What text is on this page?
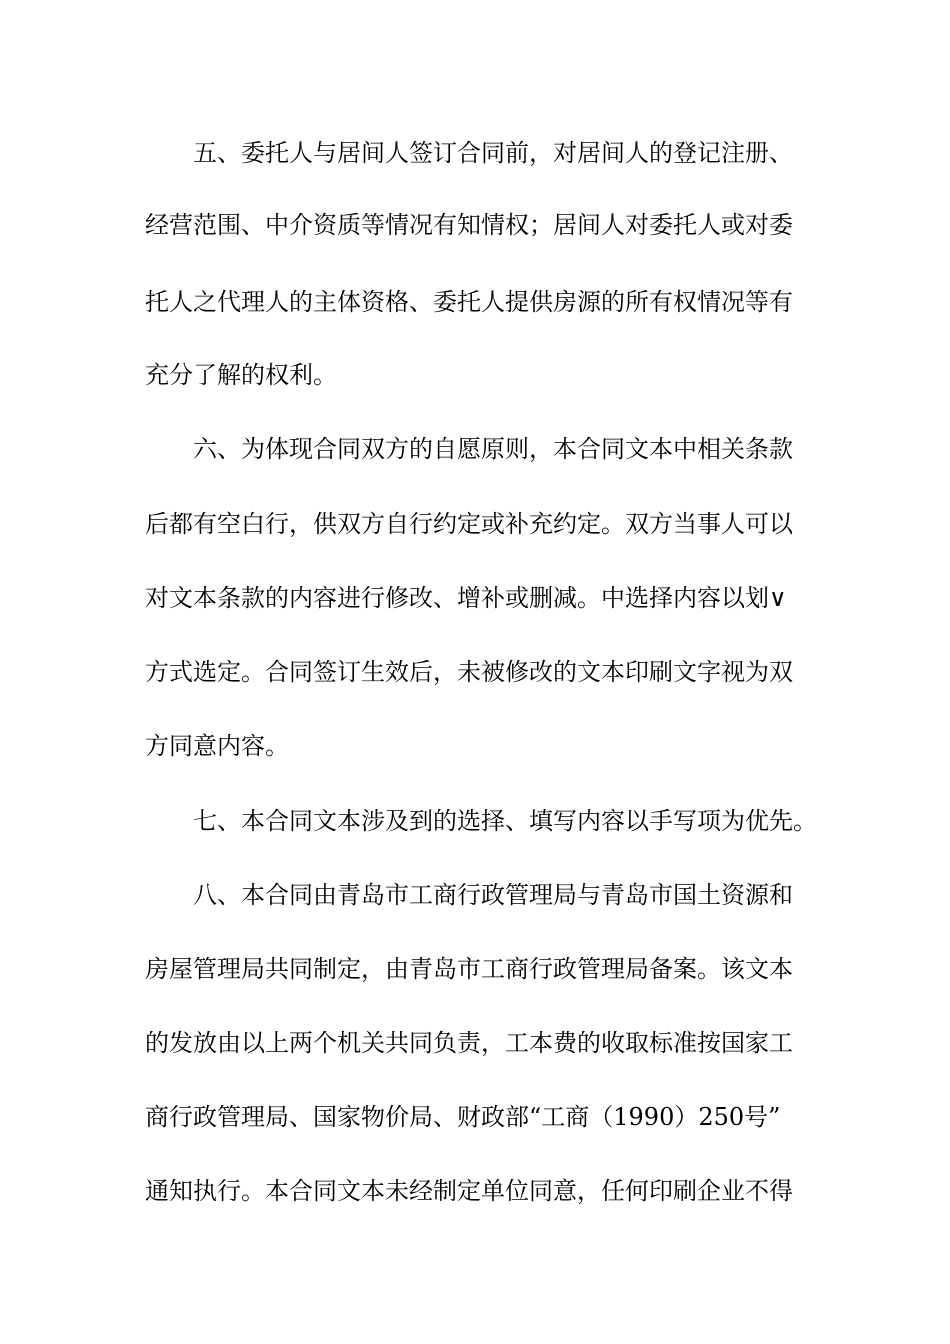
五、委托人与居间人签订合同前，对居间人的登记注册、
经营范围、中介资质等情况有知情权；居间人对委托人或对委
托人之代理人的主体资格、委托人提供房源的所有权情况等有
充分了解的权利。
六、为体现合同双方的自愿原则，本合同文本中相关条款
后都有空白行，供双方自行约定或补充约定。双方当事人可以
对文本条款的内容进行修改、增补或删减。中选择内容以划∨
方式选定。合同签订生效后，未被修改的文本印刷文字视为双
方同意内容。
七、本合同文本涉及到的选择、填写内容以手写项为优先。
八、本合同由青岛市工商行政管理局与青岛市国土资源和
房屋管理局共同制定，由青岛市工商行政管理局备案。该文本
的发放由以上两个机关共同负责，工本费的收取标准按国家工
商行政管理局、国家物价局、财政部“工商（1990）250号”
通知执行。本合同文本未经制定单位同意，任何印刷企业不得
